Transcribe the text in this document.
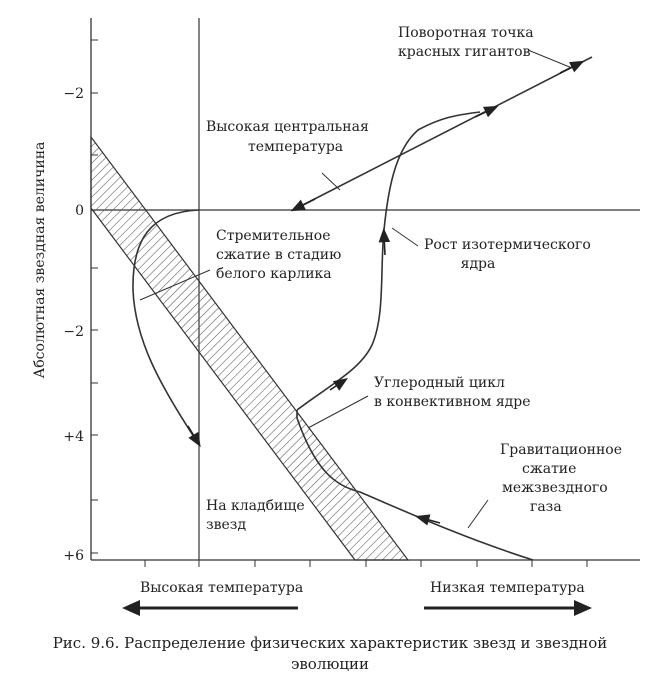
−2
0
−2
+4
+6
Абсолютная звездная величина
Поворотная точка
красных гигантов
Высокая центральная
температура
Стремительное
сжатие в стадию
белого карлика
Рост изотермического
ядра
Углеродный цикл
в конвективном ядре
Гравитационное
сжатие
межзвездного
газа
На кладбище
звезд
Высокая температура	Низкая температура
Рис. 9.6. Распределение физических характеристик звезд и звездной
эволюции
